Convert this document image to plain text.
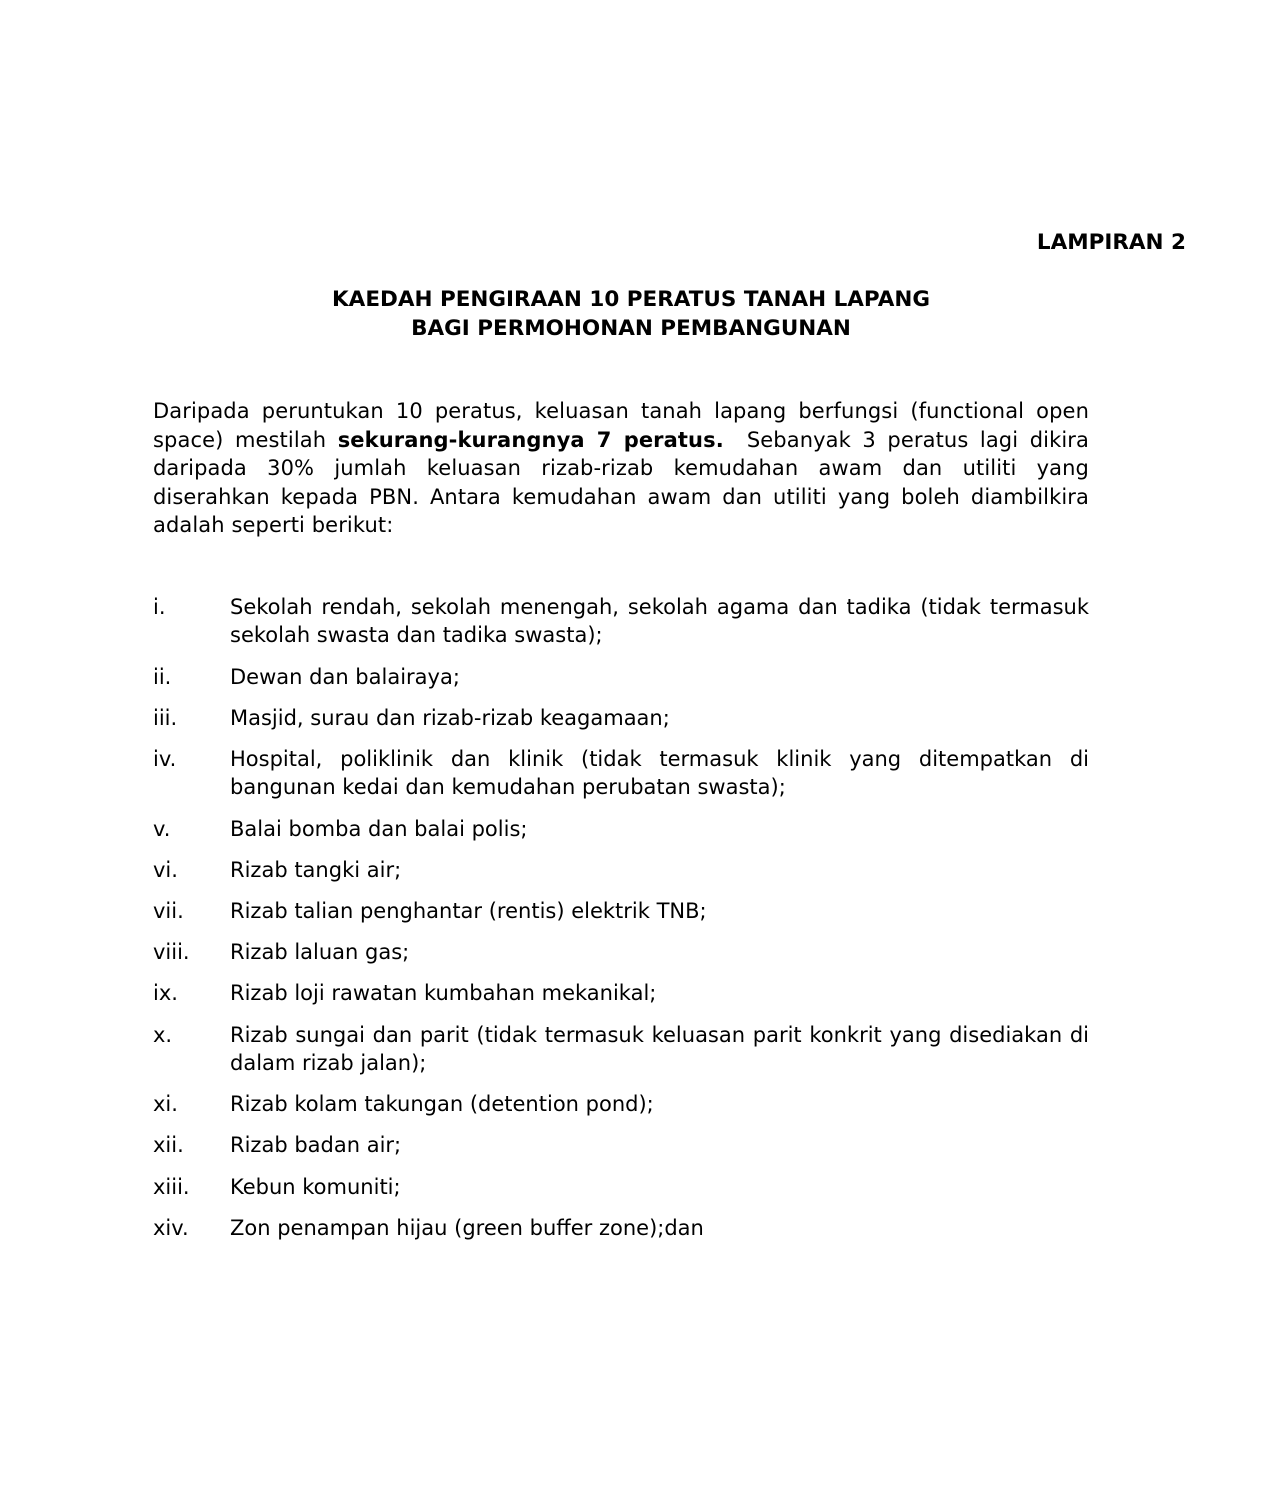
LAMPIRAN 2
KAEDAH PENGIRAAN 10 PERATUS TANAH LAPANG
BAGI PERMOHONAN PEMBANGUNAN

Daripada peruntukan 10 peratus, keluasan tanah lapang berfungsi (functional open space) mestilah sekurang-kurangnya 7 peratus.  Sebanyak 3 peratus lagi dikira daripada 30% jumlah keluasan rizab-rizab kemudahan awam dan utiliti yang diserahkan kepada PBN. Antara kemudahan awam dan utiliti yang boleh diambilkira adalah seperti berikut:

i.	Sekolah rendah, sekolah menengah, sekolah agama dan tadika (tidak termasuk sekolah swasta dan tadika swasta);
ii.	Dewan dan balairaya;
iii.	Masjid, surau dan rizab-rizab keagamaan;
iv.	Hospital, poliklinik dan klinik (tidak termasuk klinik yang ditempatkan di bangunan kedai dan kemudahan perubatan swasta);
v.	Balai bomba dan balai polis;
vi.	Rizab tangki air;
vii.	Rizab talian penghantar (rentis) elektrik TNB;
viii.	Rizab laluan gas;
ix.	Rizab loji rawatan kumbahan mekanikal;
x.	Rizab sungai dan parit (tidak termasuk keluasan parit konkrit yang disediakan di dalam rizab jalan);
xi.	Rizab kolam takungan (detention pond);
xii.	Rizab badan air;
xiii.	Kebun komuniti;
xiv.	Zon penampan hijau (green buffer zone);dan
